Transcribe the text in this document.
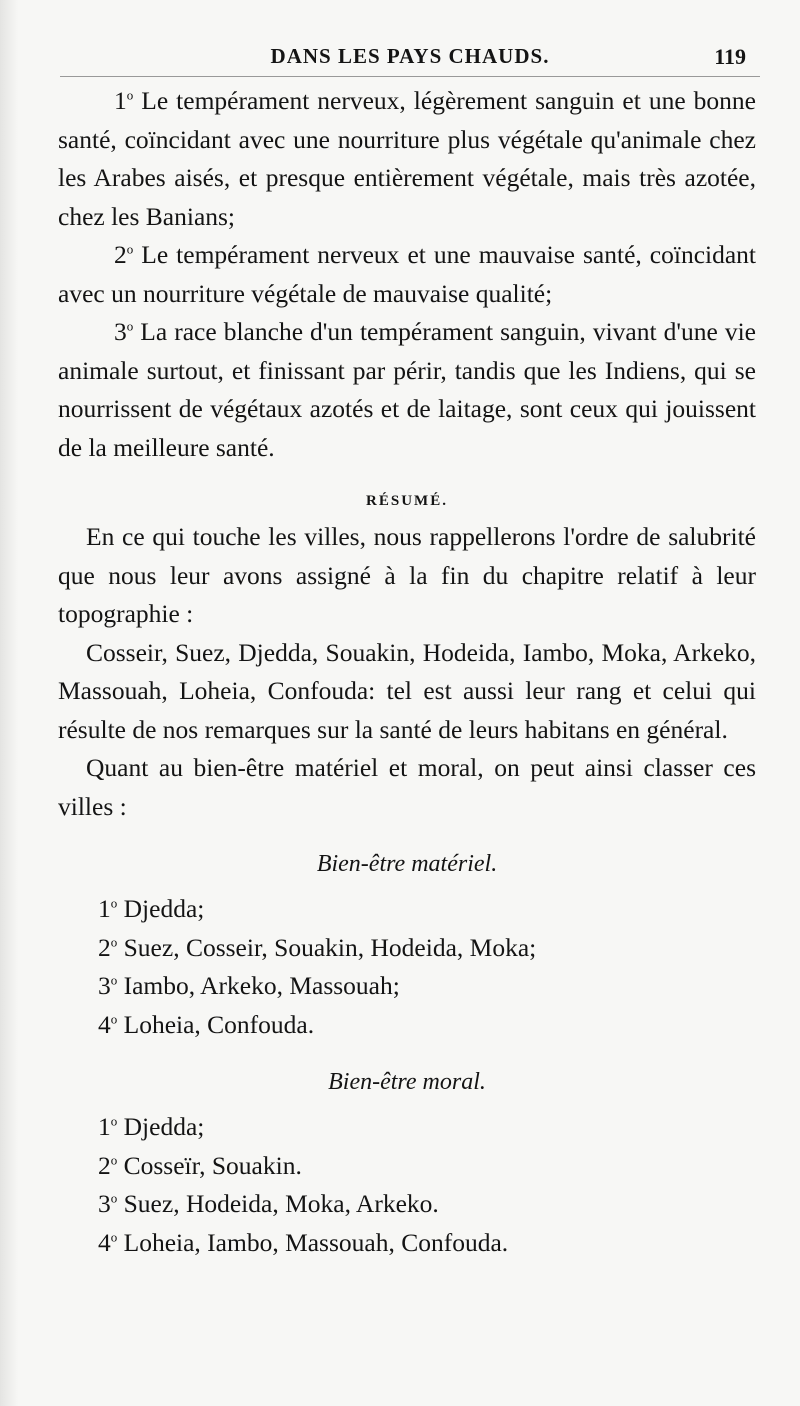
DANS LES PAYS CHAUDS.	119

1$^o$ Le tempérament nerveux, légèrement sanguin et une bonne santé, coïncidant avec une nourriture plus végétale qu'animale chez les Arabes aisés, et presque entièrement végétale, mais très azotée, chez les Banians;

2$^o$ Le tempérament nerveux et une mauvaise santé, coïncidant avec un nourriture végétale de mauvaise qualité;

3$^o$ La race blanche d'un tempérament sanguin, vivant d'une vie animale surtout, et finissant par périr, tandis que les Indiens, qui se nourrissent de végétaux azotés et de laitage, sont ceux qui jouissent de la meilleure santé.

RÉSUMÉ.

En ce qui touche les villes, nous rappellerons l'ordre de salubrité que nous leur avons assigné à la fin du chapitre relatif à leur topographie :

Cosseir, Suez, Djedda, Souakin, Hodeida, Iambo, Moka, Arkeko, Massouah, Loheia, Confouda: tel est aussi leur rang et celui qui résulte de nos remarques sur la santé de leurs habitans en général.

Quant au bien-être matériel et moral, on peut ainsi classer ces villes :

Bien-être matériel.
1$^o$ Djedda;
2$^o$ Suez, Cosseir, Souakin, Hodeida, Moka;
3$^o$ Iambo, Arkeko, Massouah;
4$^o$ Loheia, Confouda.
Bien-être moral.
1$^o$ Djedda;
2$^o$ Cosseïr, Souakin.
3$^o$ Suez, Hodeida, Moka, Arkeko.
4$^o$ Loheia, Iambo, Massouah, Confouda.
